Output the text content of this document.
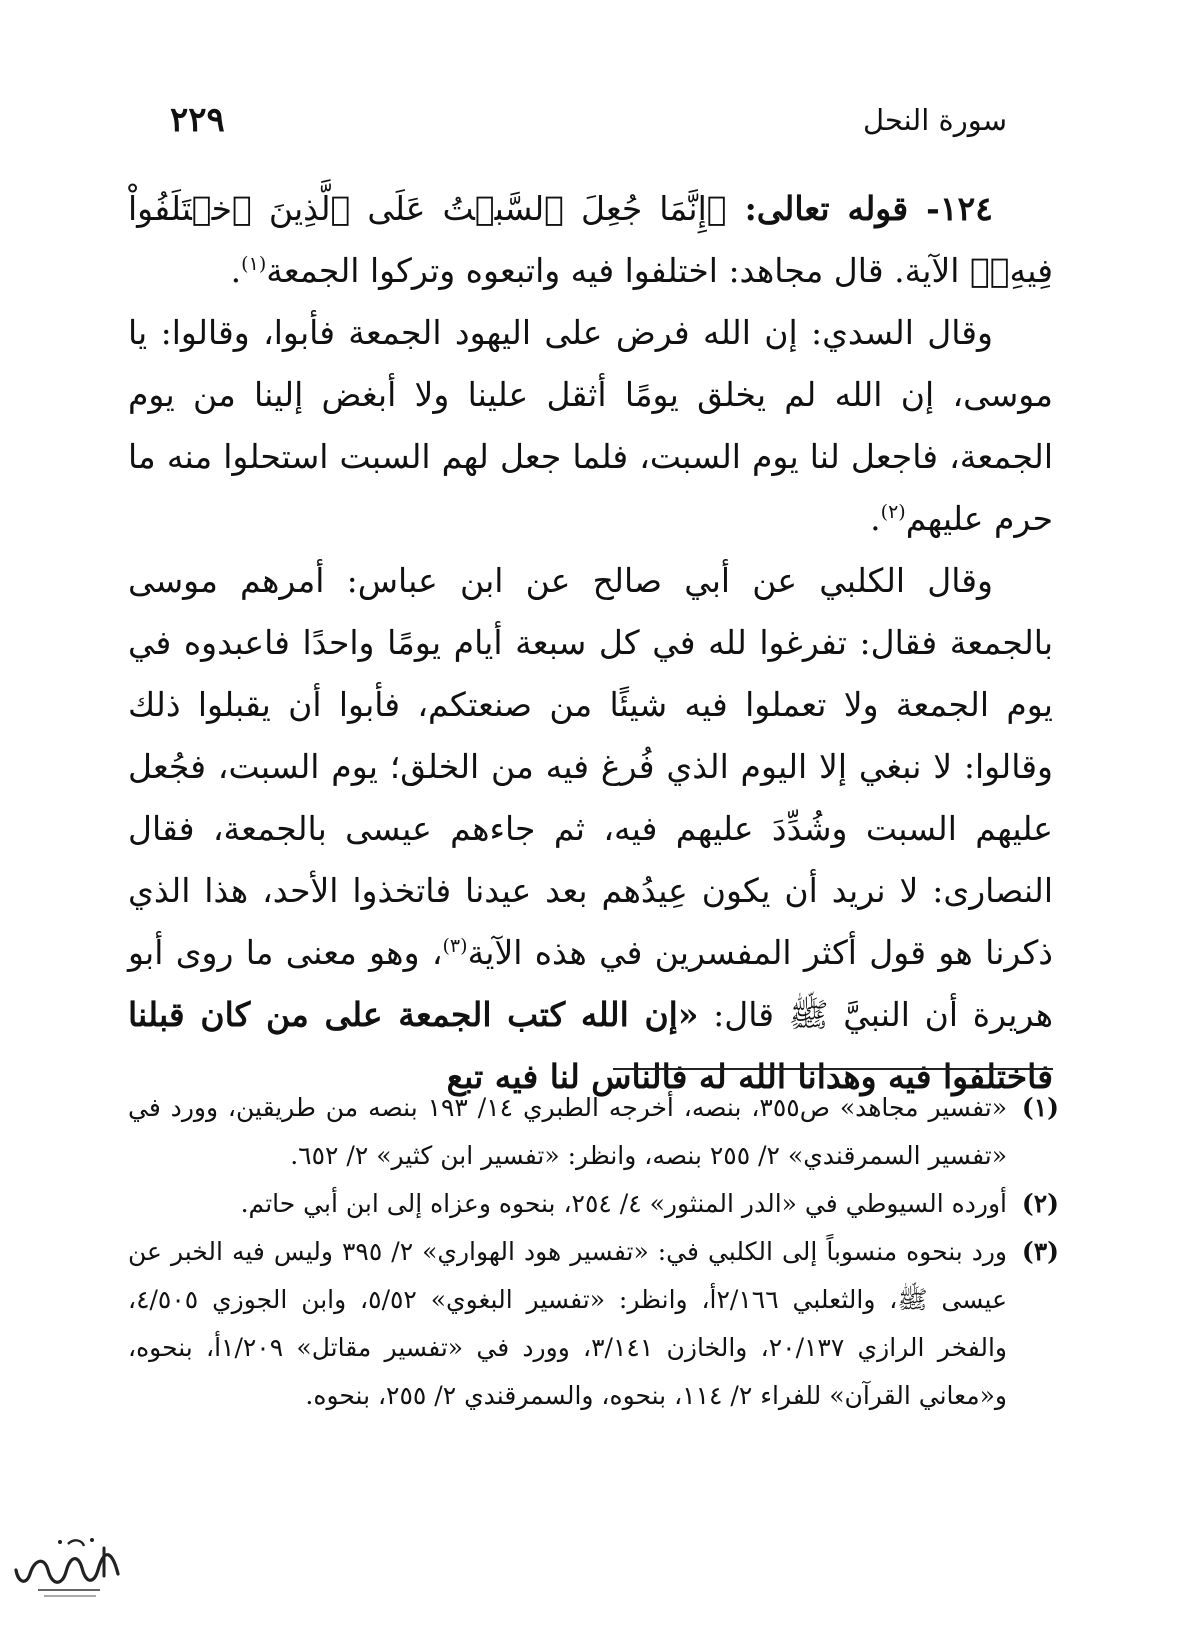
سورة النحل
٢٢٩

١٢٤- قوله تعالى: ﴿إِنَّمَا جُعِلَ ٱلسَّبۡتُ عَلَى ٱلَّذِينَ ٱخۡتَلَفُواْ فِيهِۚ﴾ الآية. قال مجاهد: اختلفوا فيه واتبعوه وتركوا الجمعة$^{(١)}$.

وقال السدي: إن الله فرض على اليهود الجمعة فأبوا، وقالوا: يا موسى، إن الله لم يخلق يومًا أثقل علينا ولا أبغض إلينا من يوم الجمعة، فاجعل لنا يوم السبت، فلما جعل لهم السبت استحلوا منه ما حرم عليهم$^{(٢)}$.

وقال الكلبي عن أبي صالح عن ابن عباس: أمرهم موسى بالجمعة فقال: تفرغوا لله في كل سبعة أيام يومًا واحدًا فاعبدوه في يوم الجمعة ولا تعملوا فيه شيئًا من صنعتكم، فأبوا أن يقبلوا ذلك وقالوا: لا نبغي إلا اليوم الذي فُرغ فيه من الخلق؛ يوم السبت، فجُعل عليهم السبت وشُدِّدَ عليهم فيه، ثم جاءهم عيسى بالجمعة، فقال النصارى: لا نريد أن يكون عِيدُهم بعد عيدنا فاتخذوا الأحد، هذا الذي ذكرنا هو قول أكثر المفسرين في هذه الآية$^{(٣)}$، وهو معنى ما روى أبو هريرة أن النبيَّ ﷺ قال: «إن الله كتب الجمعة على من كان قبلنا فاختلفوا فيه وهدانا الله له فالناس لنا فيه تبع

(١)
«تفسير مجاهد» ص٣٥٥، بنصه، أخرجه الطبري ١٤/ ١٩٣ بنصه من طريقين، وورد في «تفسير السمرقندي» ٢/ ٢٥٥ بنصه، وانظر: «تفسير ابن كثير» ٢/ ٦٥٢.
(٢)
أورده السيوطي في «الدر المنثور» ٤/ ٢٥٤، بنحوه وعزاه إلى ابن أبي حاتم.
(٣)
ورد بنحوه منسوباً إلى الكلبي في: «تفسير هود الهواري» ٢/ ٣٩٥ وليس فيه الخبر عن عيسى ﷺ، والثعلبي ٢/١٦٦أ، وانظر: «تفسير البغوي» ٥/٥٢، وابن الجوزي ٤/٥٠٥، والفخر الرازي ٢٠/١٣٧، والخازن ٣/١٤١، وورد في «تفسير مقاتل» ١/٢٠٩أ، بنحوه، و«معاني القرآن» للفراء ٢/ ١١٤، بنحوه، والسمرقندي ٢/ ٢٥٥، بنحوه.
